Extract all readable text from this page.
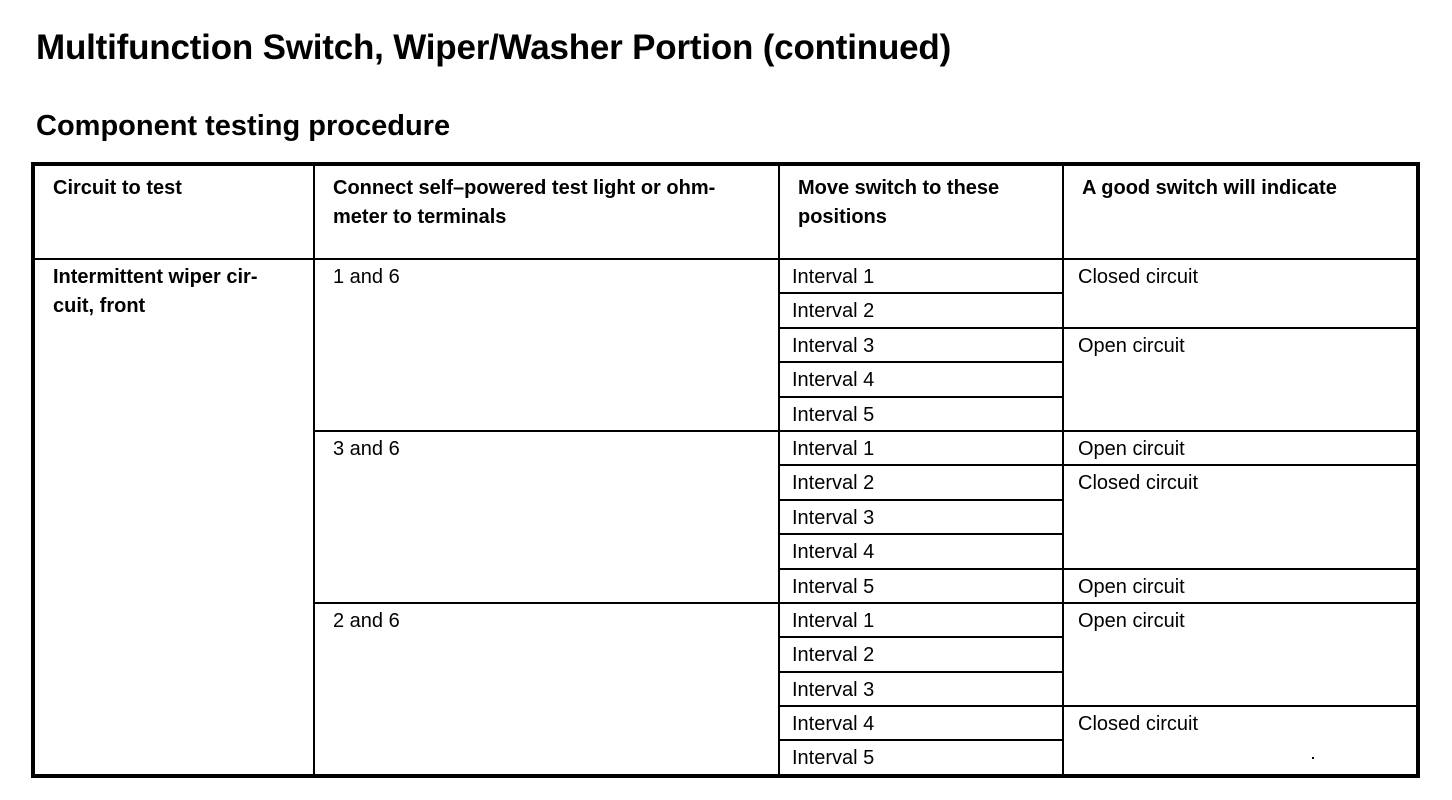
Multifunction Switch, Wiper/Washer Portion (continued)
Component testing procedure
Circuit to test	Connect self–powered test light or ohm- meter to terminals	Move switch to these positions	A good switch will indicate
Intermittent wiper cir- cuit, front	1 and 6	Interval 1	Closed circuit
		Interval 2	
		Interval 3	Open circuit
		Interval 4	
		Interval 5	
	3 and 6	Interval 1	Open circuit
		Interval 2	Closed circuit
		Interval 3	
		Interval 4	
		Interval 5	Open circuit
	2 and 6	Interval 1	Open circuit
		Interval 2	
		Interval 3	
		Interval 4	Closed circuit
		Interval 5	
